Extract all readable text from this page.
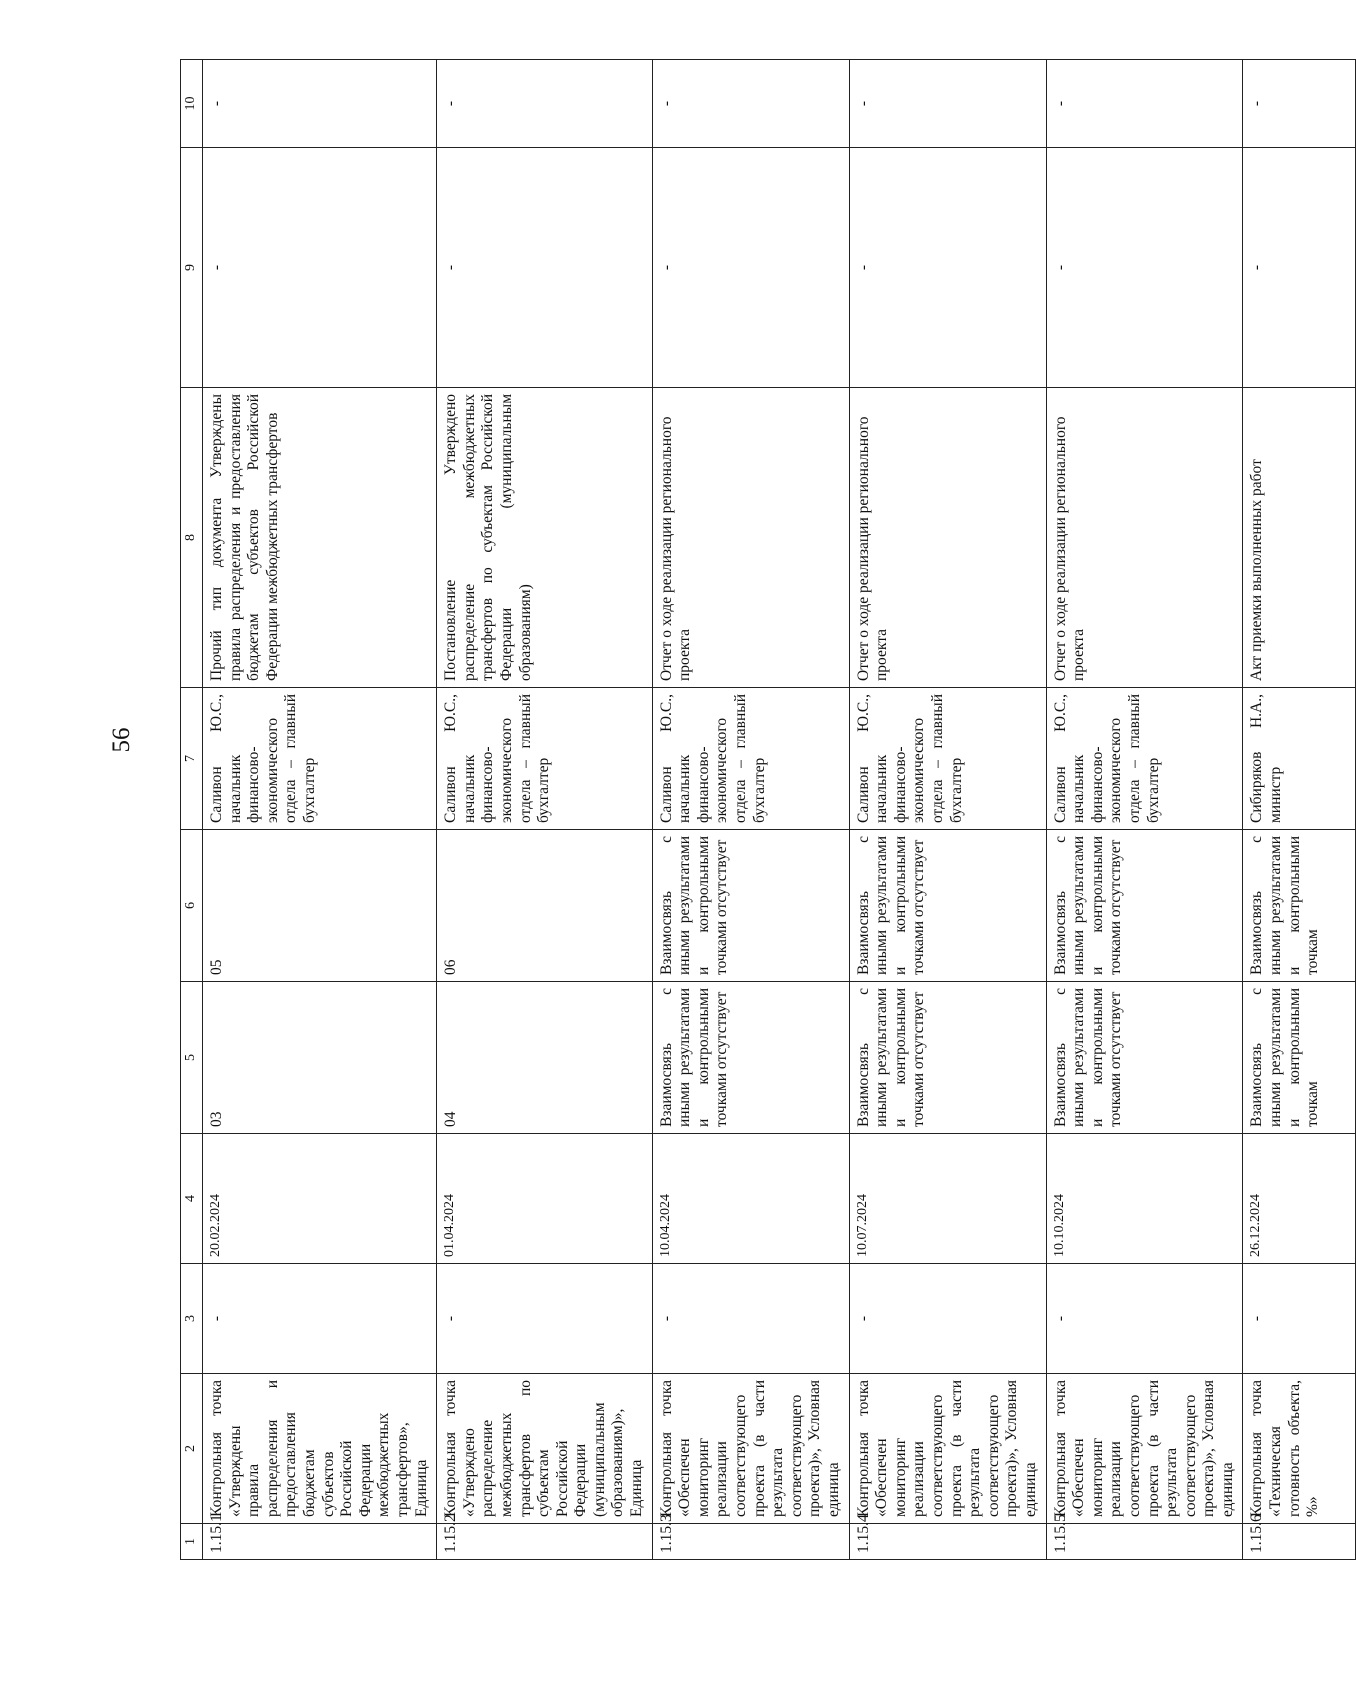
56
1	2	3	4	5	6	7	8	9	10
1.15.1	Контрольная точка «Утверждены правила распределения и предоставления бюджетам субъектов Российской Федерации межбюджетных трансфертов», Единица	-	20.02.2024	03	05	Саливон Ю.С., начальник финансово-экономического отдела – главный бухгалтер	Прочий тип документа Утверждены правила распределения и предоставления бюджетам субъектов Российской Федерации межбюджетных трансфертов	-	-
1.15.2	Контрольная точка «Утверждено распределение межбюджетных трансфертов по субъектам Российской Федерации (муниципальным образованиям)», Единица	-	01.04.2024	04	06	Саливон Ю.С., начальник финансово-экономического отдела – главный бухгалтер	Постановление Утверждено распределение межбюджетных трансфертов по субъектам Российской Федерации (муниципальным образованиям)	-	-
1.15.3	Контрольная точка «Обеспечен мониторинг реализации соответствующего проекта (в части результата соответствующего проекта)», Условная единица	-	10.04.2024	Взаимосвязь с иными результатами и контрольными точками отсутствует	Взаимосвязь с иными результатами и контрольными точками отсутствует	Саливон Ю.С., начальник финансово-экономического отдела – главный бухгалтер	Отчет о ходе реализации регионального проекта	-	-
1.15.4	Контрольная точка «Обеспечен мониторинг реализации соответствующего проекта (в части результата соответствующего проекта)», Условная единица	-	10.07.2024	Взаимосвязь с иными результатами и контрольными точками отсутствует	Взаимосвязь с иными результатами и контрольными точками отсутствует	Саливон Ю.С., начальник финансово-экономического отдела – главный бухгалтер	Отчет о ходе реализации регионального проекта	-	-
1.15.5	Контрольная точка «Обеспечен мониторинг реализации соответствующего проекта (в части результата соответствующего проекта)», Условная единица	-	10.10.2024	Взаимосвязь с иными результатами и контрольными точками отсутствует	Взаимосвязь с иными результатами и контрольными точками отсутствует	Саливон Ю.С., начальник финансово-экономического отдела – главный бухгалтер	Отчет о ходе реализации регионального проекта	-	-
1.15.6	Контрольная точка «Техническая готовность объекта, %»	-	26.12.2024	Взаимосвязь с иными результатами и контрольными точкам	Взаимосвязь с иными результатами и контрольными точкам	Сибиряков Н.А., министр	Акт приемки выполненных работ	-	-
